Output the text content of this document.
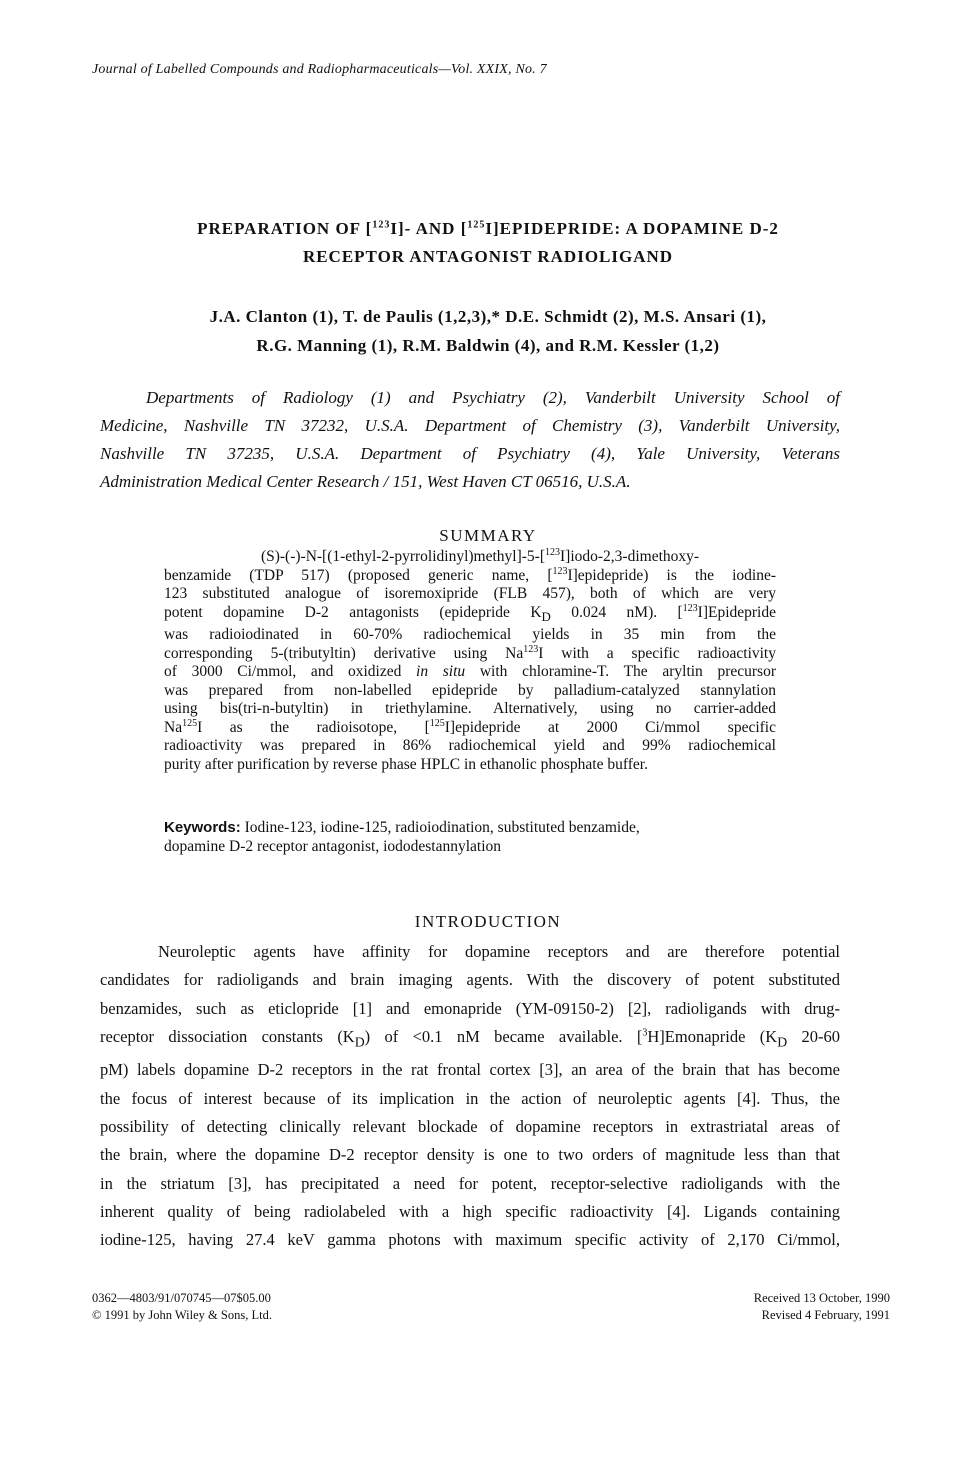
Journal of Labelled Compounds and Radiopharmaceuticals—Vol. XXIX, No. 7
PREPARATION OF [$^{123}$I]- AND [$^{125}$I]EPIDEPRIDE: A DOPAMINE D-2
RECEPTOR ANTAGONIST RADIOLIGAND
J.A. Clanton (1), T. de Paulis (1,2,3),* D.E. Schmidt (2), M.S. Ansari (1),
R.G. Manning (1), R.M. Baldwin (4), and R.M. Kessler (1,2)
Departments of Radiology (1) and Psychiatry (2), Vanderbilt University School of
Medicine, Nashville TN 37232, U.S.A. Department of Chemistry (3), Vanderbilt University,
Nashville TN 37235, U.S.A. Department of Psychiatry (4), Yale University, Veterans
Administration Medical Center Research / 151, West Haven CT 06516, U.S.A.
SUMMARY
(S)-(-)-N-[(1-ethyl-2-pyrrolidinyl)methyl]-5-[$^{123}$I]iodo-2,3-dimethoxy-
benzamide (TDP 517) (proposed generic name, [$^{123}$I]epidepride) is the iodine-
123 substituted analogue of isoremoxipride (FLB 457), both of which are very
potent dopamine D-2 antagonists (epidepride $K_D$ 0.024 nM). [$^{123}$I]Epidepride
was radioiodinated in 60-70% radiochemical yields in 35 min from the
corresponding 5-(tributyltin) derivative using Na$^{123}$I with a specific radioactivity
of 3000 Ci/mmol, and oxidized in situ with chloramine-T. The aryltin precursor
was prepared from non-labelled epidepride by palladium-catalyzed stannylation
using bis(tri-n-butyltin) in triethylamine. Alternatively, using no carrier-added
Na$^{125}$I as the radioisotope, [$^{125}$I]epidepride at 2000 Ci/mmol specific
radioactivity was prepared in 86% radiochemical yield and 99% radiochemical
purity after purification by reverse phase HPLC in ethanolic phosphate buffer.
Keywords: Iodine-123, iodine-125, radioiodination, substituted benzamide,
dopamine D-2 receptor antagonist, iododestannylation
INTRODUCTION
Neuroleptic agents have affinity for dopamine receptors and are therefore potential
candidates for radioligands and brain imaging agents. With the discovery of potent substituted
benzamides, such as eticlopride [1] and emonapride (YM-09150-2) [2], radioligands with drug-
receptor dissociation constants $(K_D)$ of <0.1 nM became available. [$^3$H]Emonapride ($K_D$ 20-60
pM) labels dopamine D-2 receptors in the rat frontal cortex [3], an area of the brain that has become
the focus of interest because of its implication in the action of neuroleptic agents [4]. Thus, the
possibility of detecting clinically relevant blockade of dopamine receptors in extrastriatal areas of
the brain, where the dopamine D-2 receptor density is one to two orders of magnitude less than that
in the striatum [3], has precipitated a need for potent, receptor-selective radioligands with the
inherent quality of being radiolabeled with a high specific radioactivity [4]. Ligands containing
iodine-125, having 27.4 keV gamma photons with maximum specific activity of 2,170 Ci/mmol,
0362—4803/91/070745—07$05.00
© 1991 by John Wiley & Sons, Ltd.
Received 13 October, 1990
Revised 4 February, 1991
